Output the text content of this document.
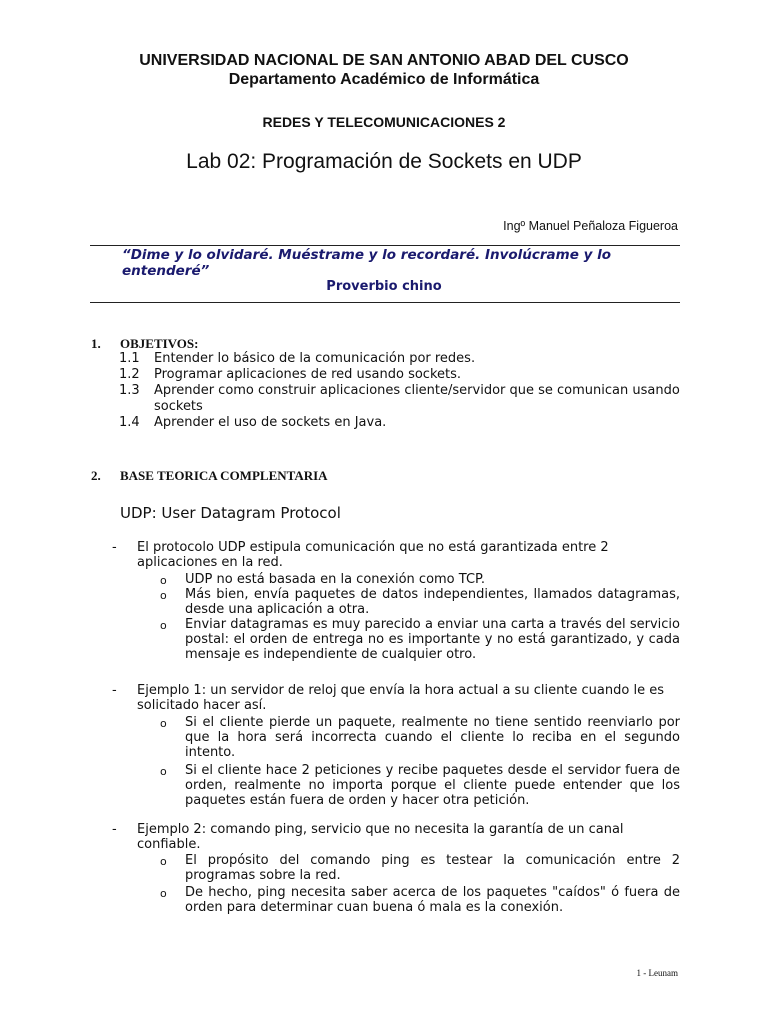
UNIVERSIDAD NACIONAL DE SAN ANTONIO ABAD DEL CUSCO
Departamento Académico de Informática
REDES Y TELECOMUNICACIONES 2
Lab 02: Programación de Sockets en UDP
Ingº Manuel Peñaloza Figueroa
“Dime y lo olvidaré. Muéstrame y lo recordaré. Involúcrame y lo entenderé”
Proverbio chino
1. OBJETIVOS:
1.1 Entender lo básico de la comunicación por redes.
1.2 Programar aplicaciones de red usando sockets.
1.3 Aprender como construir aplicaciones cliente/servidor que se comunican usando sockets
1.4 Aprender el uso de sockets en Java.
2. BASE TEORICA COMPLENTARIA
UDP: User Datagram Protocol
- El protocolo UDP estipula comunicación que no está garantizada entre 2 aplicaciones en la red.
o UDP no está basada en la conexión como TCP.
o Más bien, envía paquetes de datos independientes, llamados datagramas, desde una aplicación a otra.
o Enviar datagramas es muy parecido a enviar una carta a través del servicio postal: el orden de entrega no es importante y no está garantizado, y cada mensaje es independiente de cualquier otro.
- Ejemplo 1: un servidor de reloj que envía la hora actual a su cliente cuando le es solicitado hacer así.
o Si el cliente pierde un paquete, realmente no tiene sentido reenviarlo por que la hora será incorrecta cuando el cliente lo reciba en el segundo intento.
o Si el cliente hace 2 peticiones y recibe paquetes desde el servidor fuera de orden, realmente no importa porque el cliente puede entender que los paquetes están fuera de orden y hacer otra petición.
- Ejemplo 2: comando ping, servicio que no necesita la garantía de un canal confiable.
o El propósito del comando ping es testear la comunicación entre 2 programas sobre la red.
o De hecho, ping necesita saber acerca de los paquetes "caídos" ó fuera de orden para determinar cuan buena ó mala es la conexión.
1 - Leunam
